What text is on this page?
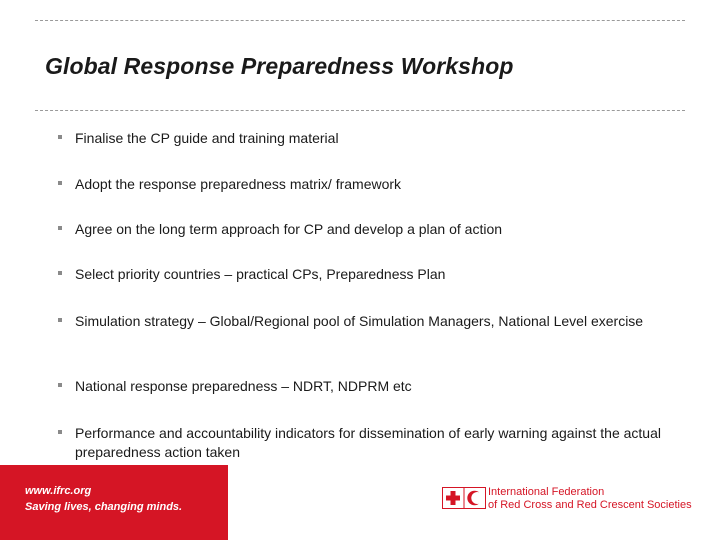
Global Response Preparedness Workshop
Finalise the CP guide and training material
Adopt the response preparedness matrix/ framework
Agree on the long term approach for CP and develop a plan of action
Select priority countries – practical CPs, Preparedness Plan
Simulation strategy – Global/Regional pool of Simulation Managers, National Level exercise
National response preparedness – NDRT, NDPRM etc
Performance and accountability indicators for dissemination of early warning against the actual preparedness action taken
www.ifrc.org
Saving lives, changing minds.
International Federation
of Red Cross and Red Crescent Societies
